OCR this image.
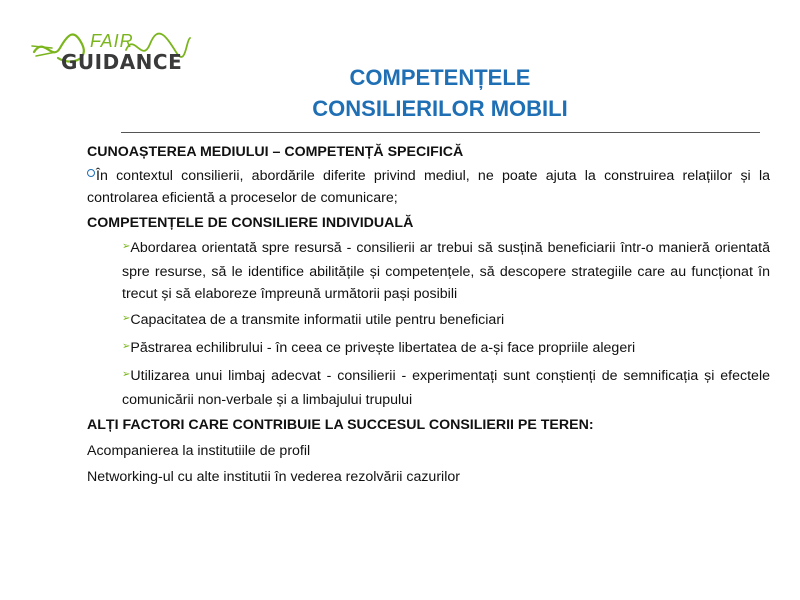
FAIR
GUIDANCE
COMPETENȚELE
CONSILIERILOR MOBILI

CUNOAȘTEREA MEDIULUI – COMPETENȚĂ SPECIFICĂ

În contextul consilierii, abordările diferite privind mediul, ne poate ajuta la construirea relațiilor și la controlarea eficientă a proceselor de comunicare;

COMPETENȚELE DE CONSILIERE INDIVIDUALĂ

➢Abordarea orientată spre resursă - consilierii ar trebui să susțină beneficiarii într-o manieră orientată spre resurse, să le identifice abilitățile și competențele, să descopere strategiile care au funcționat în trecut și să elaboreze împreună următorii pași posibili

➢Capacitatea de a transmite informatii utile pentru beneficiari

➢Păstrarea echilibrului - în ceea ce privește libertatea de a-și face propriile alegeri

➢Utilizarea unui limbaj adecvat - consilierii - experimentați sunt conștienți de semnificația și efectele comunicării non-verbale și a limbajului trupului

ALȚI FACTORI CARE CONTRIBUIE LA SUCCESUL CONSILIERII PE TEREN:

Acompanierea la institutiile de profil

Networking-ul cu alte institutii în vederea rezolvării cazurilor
